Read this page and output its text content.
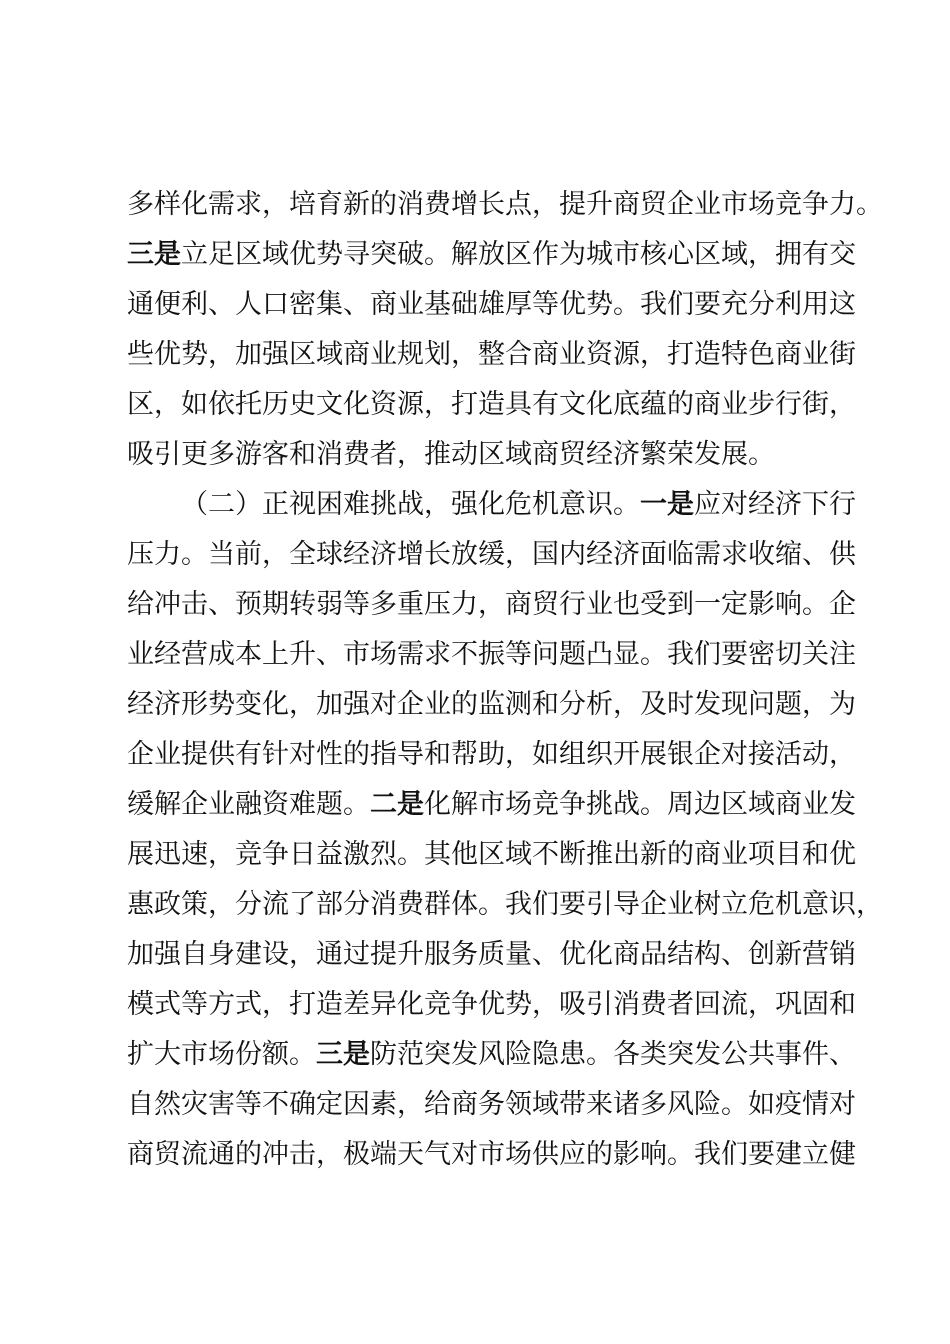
多样化需求，培育新的消费增长点，提升商贸企业市场竞争力。
三是立足区域优势寻突破。解放区作为城市核心区域，拥有交
通便利、人口密集、商业基础雄厚等优势。我们要充分利用这
些优势，加强区域商业规划，整合商业资源，打造特色商业街
区，如依托历史文化资源，打造具有文化底蕴的商业步行街，
吸引更多游客和消费者，推动区域商贸经济繁荣发展。
（二）正视困难挑战，强化危机意识。一是应对经济下行
压力。当前，全球经济增长放缓，国内经济面临需求收缩、供
给冲击、预期转弱等多重压力，商贸行业也受到一定影响。企
业经营成本上升、市场需求不振等问题凸显。我们要密切关注
经济形势变化，加强对企业的监测和分析，及时发现问题，为
企业提供有针对性的指导和帮助，如组织开展银企对接活动，
缓解企业融资难题。二是化解市场竞争挑战。周边区域商业发
展迅速，竞争日益激烈。其他区域不断推出新的商业项目和优
惠政策，分流了部分消费群体。我们要引导企业树立危机意识，
加强自身建设，通过提升服务质量、优化商品结构、创新营销
模式等方式，打造差异化竞争优势，吸引消费者回流，巩固和
扩大市场份额。三是防范突发风险隐患。各类突发公共事件、
自然灾害等不确定因素，给商务领域带来诸多风险。如疫情对
商贸流通的冲击，极端天气对市场供应的影响。我们要建立健
